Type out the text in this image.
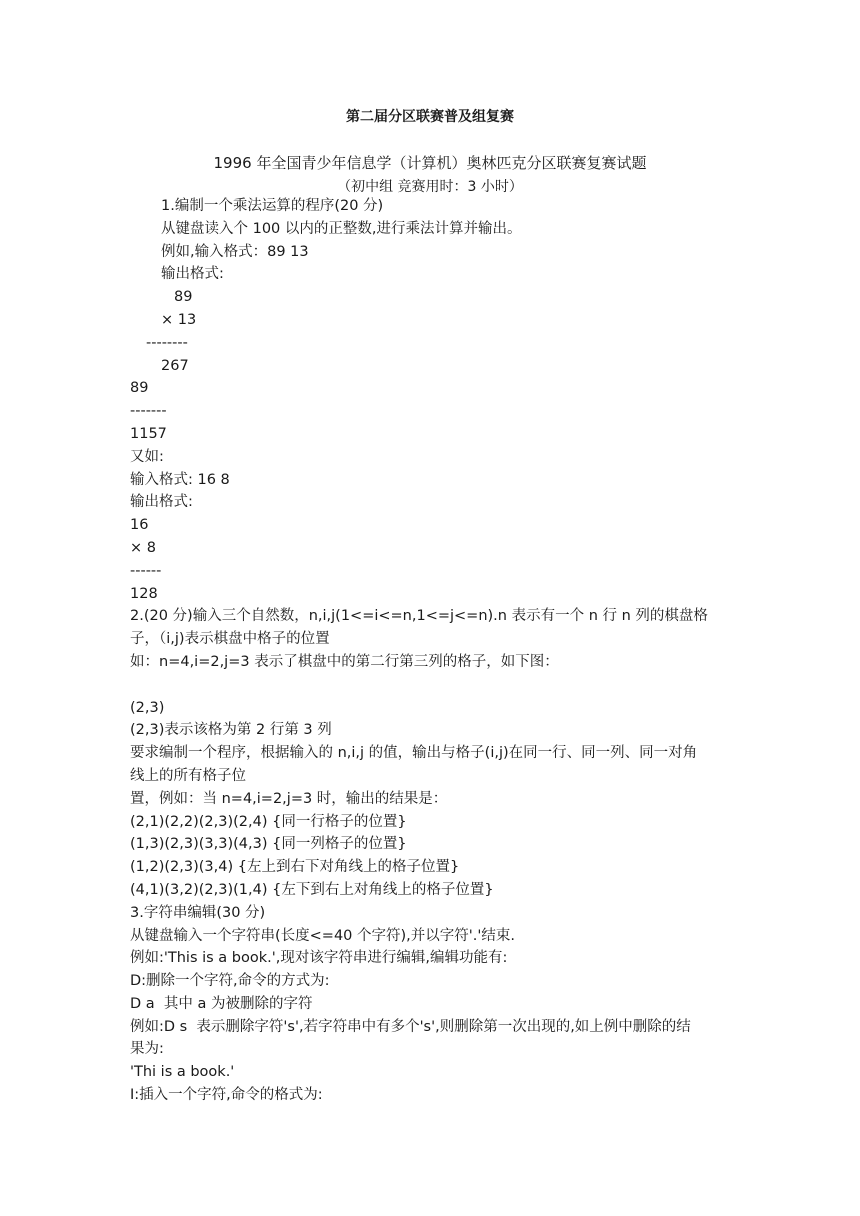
第二届分区联赛普及组复赛
1996 年全国青少年信息学（计算机）奥林匹克分区联赛复赛试题
（初中组 竞赛用时：3 小时）
1.编制一个乘法运算的程序(20 分)
从键盘读入个 100 以内的正整数,进行乘法计算并输出。
例如,输入格式：89 13
输出格式:
89
× 13
--------
267
89
-------
1157
又如:
输入格式: 16 8
输出格式:
16
× 8
------
128
2.(20 分)输入三个自然数，n,i,j(1<=i<=n,1<=j<=n).n 表示有一个 n 行 n 列的棋盘格
子，（i,j)表示棋盘中格子的位置
如：n=4,i=2,j=3 表示了棋盘中的第二行第三列的格子，如下图：
(2,3)
(2,3)表示该格为第 2 行第 3 列
要求编制一个程序，根据输入的 n,i,j 的值，输出与格子(i,j)在同一行、同一列、同一对角
线上的所有格子位
置，例如：当 n=4,i=2,j=3 时，输出的结果是：
(2,1)(2,2)(2,3)(2,4) {同一行格子的位置}
(1,3)(2,3)(3,3)(4,3) {同一列格子的位置}
(1,2)(2,3)(3,4) {左上到右下对角线上的格子位置}
(4,1)(3,2)(2,3)(1,4) {左下到右上对角线上的格子位置}
3.字符串编辑(30 分)
从键盘输入一个字符串(长度<=40 个字符),并以字符'.'结束.
例如:'This is a book.',现对该字符串进行编辑,编辑功能有:
D:删除一个字符,命令的方式为:
D a  其中 a 为被删除的字符
例如:D s  表示删除字符's',若字符串中有多个's',则删除第一次出现的,如上例中删除的结
果为:
'Thi is a book.'
I:插入一个字符,命令的格式为:
